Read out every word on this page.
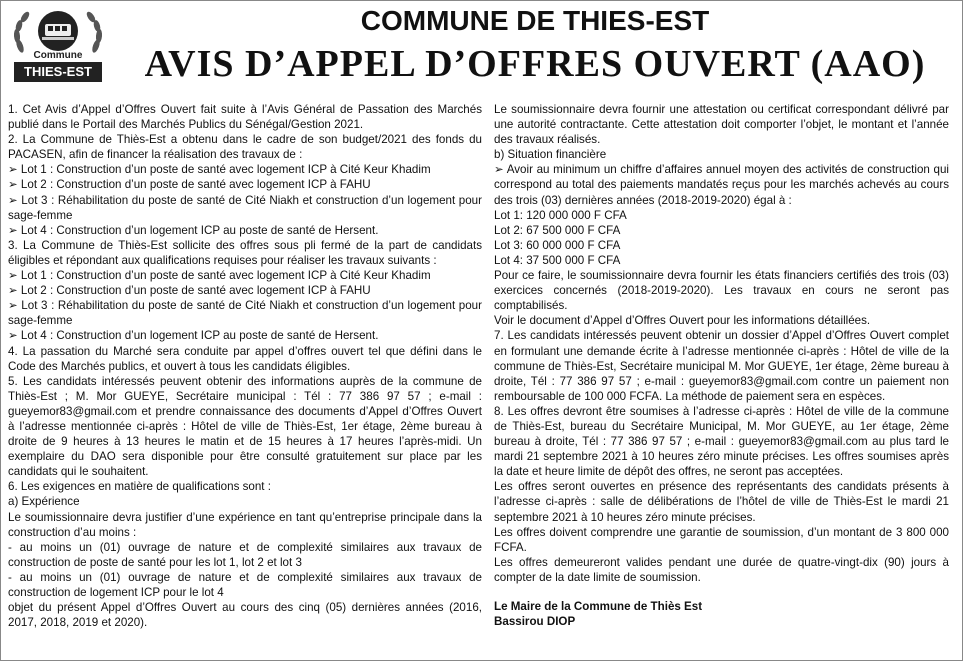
Commune
THIES-EST
COMMUNE DE THIES-EST
AVIS D’APPEL D’OFFRES OUVERT (AAO)

1. Cet Avis d’Appel d’Offres Ouvert fait suite à l’Avis Général de Passation des Marchés publié dans le Portail des Marchés Publics du Sénégal/Gestion 2021.

2. La Commune de Thiès-Est a obtenu dans le cadre de son budget/2021 des fonds du PACASEN, afin de financer la réalisation des travaux de :

➢ Lot 1 : Construction d’un poste de santé avec logement ICP à Cité Keur Khadim

➢ Lot 2 : Construction d’un poste de santé avec logement ICP à FAHU

➢ Lot 3 : Réhabilitation du poste de santé de Cité Niakh et construction d’un logement pour sage-femme

➢ Lot 4 : Construction d’un logement ICP au poste de santé de Hersent.

3. La Commune de Thiès-Est sollicite des offres sous pli fermé de la part de candidats éligibles et répondant aux qualifications requises pour réaliser les travaux suivants :

➢ Lot 1 : Construction d’un poste de santé avec logement ICP à Cité Keur Khadim

➢ Lot 2 : Construction d’un poste de santé avec logement ICP à FAHU

➢ Lot 3 : Réhabilitation du poste de santé de Cité Niakh et construction d’un logement pour sage-femme

➢ Lot 4 : Construction d’un logement ICP au poste de santé de Hersent.

4. La passation du Marché sera conduite par appel d’offres ouvert tel que défini dans le Code des Marchés publics, et ouvert à tous les candidats éligibles.

5. Les candidats intéressés peuvent obtenir des informations auprès de la commune de Thiès-Est ; M. Mor GUEYE, Secrétaire municipal : Tél : 77 386 97 57 ; e-mail : gueyemor83@gmail.com et prendre connaissance des documents d’Appel d’Offres Ouvert à l’adresse mentionnée ci-après : Hôtel de ville de Thiès-Est, 1er étage, 2ème bureau à droite de 9 heures à 13 heures le matin et de 15 heures à 17 heures l’après-midi. Un exemplaire du DAO sera disponible pour être consulté gratuitement sur place par les candidats qui le souhaitent.

6. Les exigences en matière de qualifications sont :

a) Expérience

Le soumissionnaire devra justifier d’une expérience en tant qu’entreprise principale dans la construction d’au moins :

- au moins un (01) ouvrage de nature et de complexité similaires aux travaux de construction de poste de santé pour les lot 1, lot 2 et lot 3

- au moins un (01) ouvrage de nature et de complexité similaires aux travaux de construction de logement ICP pour le lot 4

objet du présent Appel d’Offres Ouvert au cours des cinq (05) dernières années (2016, 2017, 2018, 2019 et 2020).

Le soumissionnaire devra fournir une attestation ou certificat correspondant délivré par une autorité contractante. Cette attestation doit comporter l’objet, le montant et l’année des travaux réalisés.

b) Situation financière

➢ Avoir au minimum un chiffre d’affaires annuel moyen des activités de construction qui correspond au total des paiements mandatés reçus pour les marchés achevés au cours des trois (03) dernières années (2018-2019-2020) égal à :

Lot 1: 120 000 000 F CFA

Lot 2: 67 500 000 F CFA

Lot 3: 60 000 000 F CFA

Lot 4: 37 500 000 F CFA

Pour ce faire, le soumissionnaire devra fournir les états financiers certifiés des trois (03) exercices concernés (2018-2019-2020). Les travaux en cours ne seront pas comptabilisés.

Voir le document d’Appel d’Offres Ouvert pour les informations détaillées.

7. Les candidats intéressés peuvent obtenir un dossier d’Appel d’Offres Ouvert complet en formulant une demande écrite à l’adresse mentionnée ci-après : Hôtel de ville de la commune de Thiès-Est, Secrétaire municipal M. Mor GUEYE, 1er étage, 2ème bureau à droite, Tél : 77 386 97 57 ; e-mail : gueyemor83@gmail.com contre un paiement non remboursable de 100 000 FCFA. La méthode de paiement sera en espèces.

8. Les offres devront être soumises à l’adresse ci-après : Hôtel de ville de la commune de Thiès-Est, bureau du Secrétaire Municipal, M. Mor GUEYE, au 1er étage, 2ème bureau à droite, Tél : 77 386 97 57 ; e-mail : gueyemor83@gmail.com au plus tard le mardi 21 septembre 2021 à 10 heures zéro minute précises. Les offres soumises après la date et heure limite de dépôt des offres, ne seront pas acceptées.

Les offres seront ouvertes en présence des représentants des candidats présents à l’adresse ci-après : salle de délibérations de l’hôtel de ville de Thiès-Est le mardi 21 septembre 2021 à 10 heures zéro minute précises.

Les offres doivent comprendre une garantie de soumission, d’un montant de 3 800 000 FCFA.

Les offres demeureront valides pendant une durée de quatre-vingt-dix (90) jours à compter de la date limite de soumission.

Le Maire de la Commune de Thiès Est

Bassirou DIOP
